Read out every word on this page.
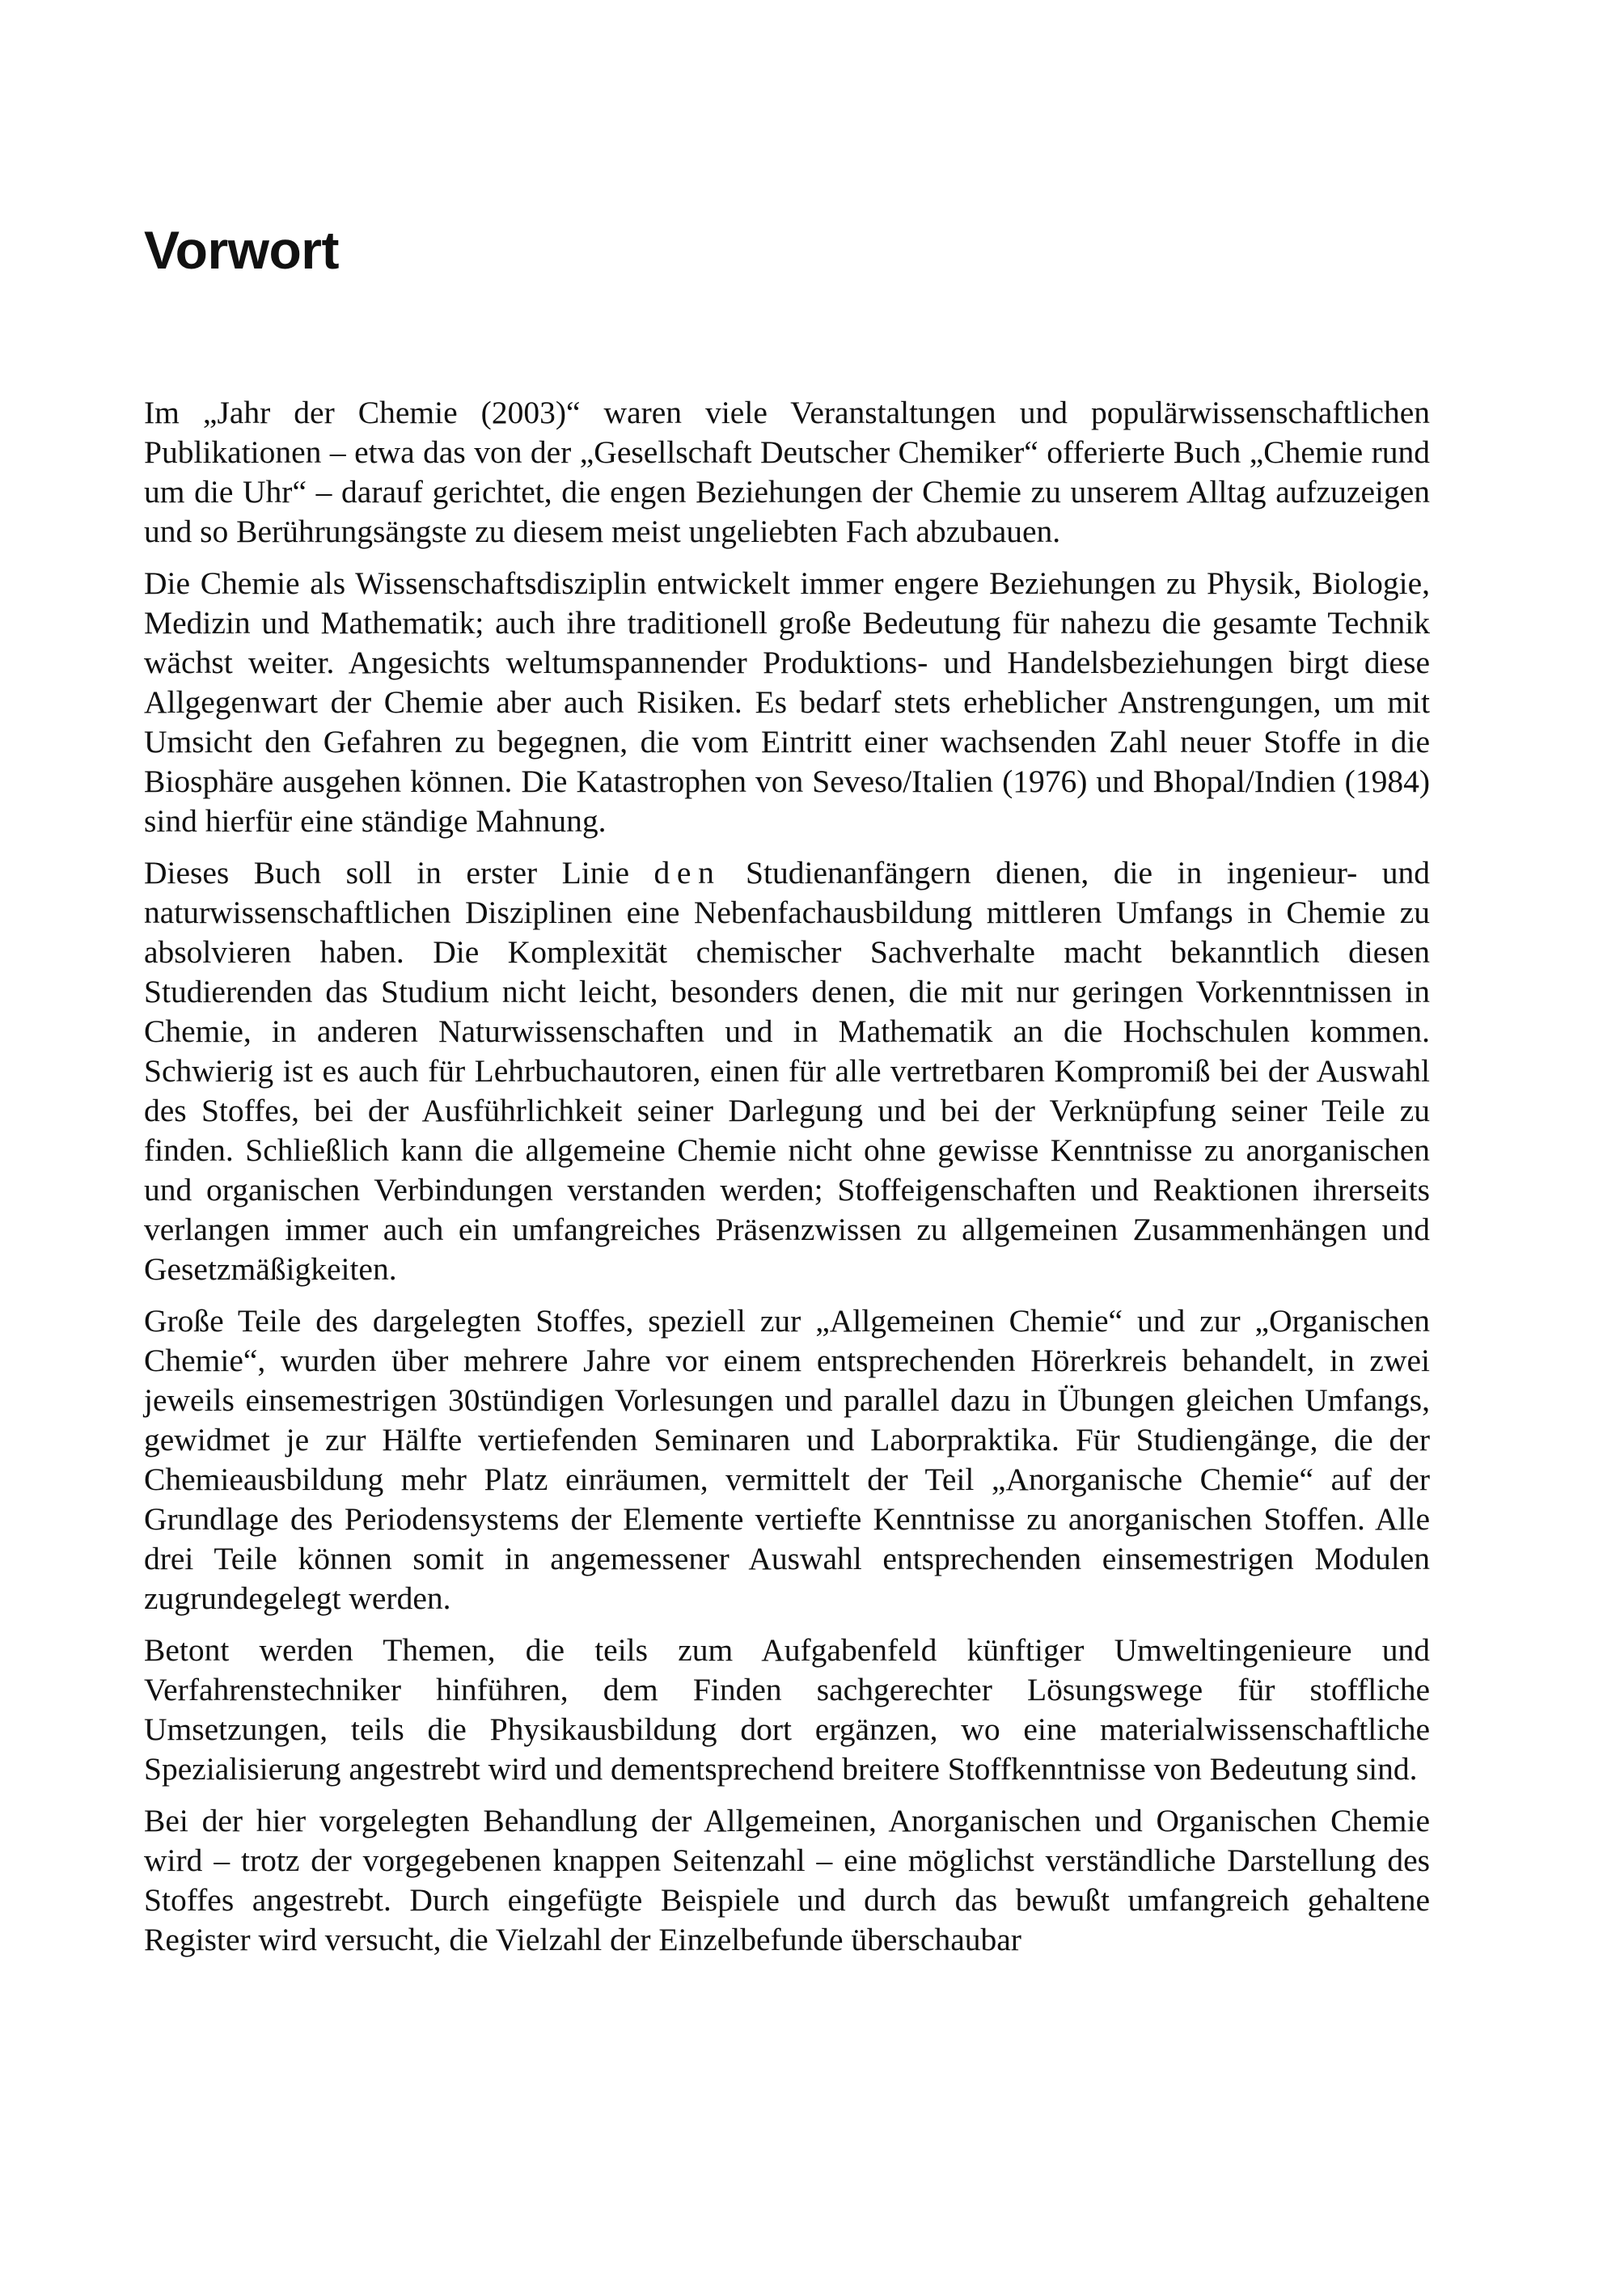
Vorwort

Im „Jahr der Chemie (2003)“ waren viele Veranstaltungen und populärwissenschaftlichen Publikationen – etwa das von der „Gesellschaft Deutscher Chemiker“ offerierte Buch „Chemie rund um die Uhr“ – darauf gerichtet, die engen Beziehungen der Chemie zu unserem Alltag aufzuzeigen und so Berührungsängste zu diesem meist ungeliebten Fach abzubauen.

Die Chemie als Wissenschaftsdisziplin entwickelt immer engere Beziehungen zu Physik, Biologie, Medizin und Mathematik; auch ihre traditionell große Bedeutung für nahezu die gesamte Technik wächst weiter. Angesichts weltumspannender Produktions- und Handelsbeziehungen birgt diese Allgegenwart der Chemie aber auch Risiken. Es bedarf stets erheblicher Anstrengungen, um mit Umsicht den Gefahren zu begegnen, die vom Eintritt einer wachsenden Zahl neuer Stoffe in die Biosphäre ausgehen können. Die Katastrophen von Seveso/Italien (1976) und Bhopal/Indien (1984) sind hierfür eine ständige Mahnung.

Dieses Buch soll in erster Linie den Studienanfängern dienen, die in ingenieur- und naturwissenschaftlichen Disziplinen eine Nebenfachausbildung mittleren Umfangs in Chemie zu absolvieren haben. Die Komplexität chemischer Sachverhalte macht bekanntlich diesen Studierenden das Studium nicht leicht, besonders denen, die mit nur geringen Vorkenntnissen in Chemie, in anderen Naturwissenschaften und in Mathematik an die Hochschulen kommen. Schwierig ist es auch für Lehrbuchautoren, einen für alle vertretbaren Kompromiß bei der Auswahl des Stoffes, bei der Ausführlichkeit seiner Darlegung und bei der Verknüpfung seiner Teile zu finden. Schließlich kann die allgemeine Chemie nicht ohne gewisse Kenntnisse zu anorganischen und organischen Verbindungen verstanden werden; Stoffeigenschaften und Reaktionen ihrerseits verlangen immer auch ein umfangreiches Präsenzwissen zu allgemeinen Zusammenhängen und Gesetzmäßigkeiten.

Große Teile des dargelegten Stoffes, speziell zur „Allgemeinen Chemie“ und zur „Organischen Chemie“, wurden über mehrere Jahre vor einem entsprechenden Hörerkreis behandelt, in zwei jeweils einsemestrigen 30stündigen Vorlesungen und parallel dazu in Übungen gleichen Umfangs, gewidmet je zur Hälfte vertiefenden Seminaren und Laborpraktika. Für Studiengänge, die der Chemieausbildung mehr Platz einräumen, vermittelt der Teil „Anorganische Chemie“ auf der Grundlage des Periodensystems der Elemente vertiefte Kenntnisse zu anorganischen Stoffen. Alle drei Teile können somit in angemessener Auswahl entsprechenden einsemestrigen Modulen zugrundegelegt werden.

Betont werden Themen, die teils zum Aufgabenfeld künftiger Umweltingenieure und Verfahrenstechniker hinführen, dem Finden sachgerechter Lösungswege für stoffliche Umsetzungen, teils die Physikausbildung dort ergänzen, wo eine materialwissenschaftliche Spezialisierung angestrebt wird und dementsprechend breitere Stoffkenntnisse von Bedeutung sind.

Bei der hier vorgelegten Behandlung der Allgemeinen, Anorganischen und Organischen Chemie wird – trotz der vorgegebenen knappen Seitenzahl – eine möglichst verständliche Darstellung des Stoffes angestrebt. Durch eingefügte Beispiele und durch das bewußt umfangreich gehaltene Register wird versucht, die Vielzahl der Einzelbefunde überschaubar
